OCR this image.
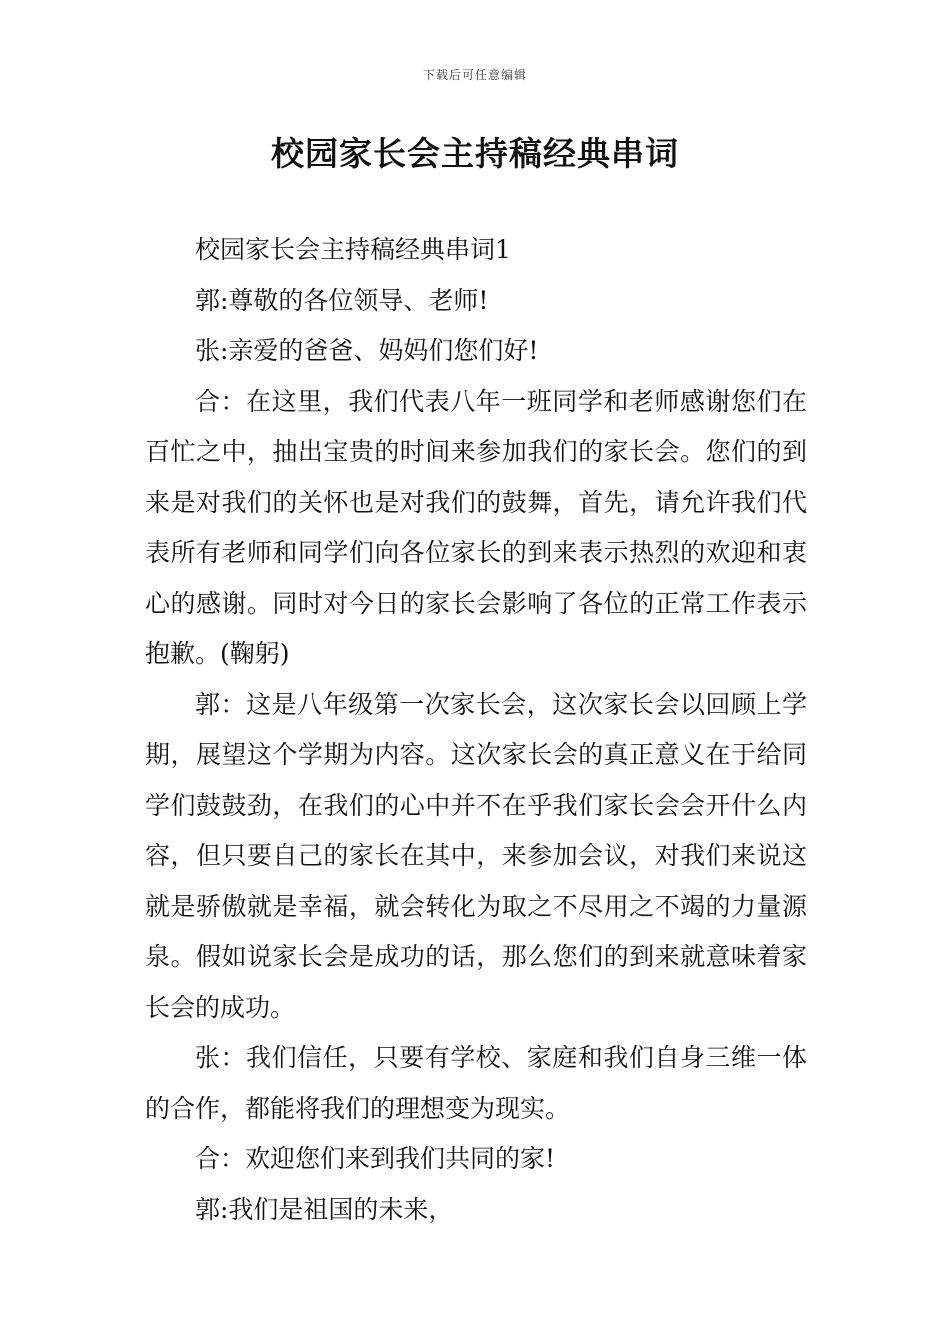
下载后可任意编辑
校园家长会主持稿经典串词

校园家长会主持稿经典串词1

郭:尊敬的各位领导、老师!

张:亲爱的爸爸、妈妈们您们好!

合：在这里，我们代表八年一班同学和老师感谢您们在百忙之中，抽出宝贵的时间来参加我们的家长会。您们的到来是对我们的关怀也是对我们的鼓舞，首先，请允许我们代表所有老师和同学们向各位家长的到来表示热烈的欢迎和衷心的感谢。同时对今日的家长会影响了各位的正常工作表示抱歉。(鞠躬)

郭：这是八年级第一次家长会，这次家长会以回顾上学期，展望这个学期为内容。这次家长会的真正意义在于给同学们鼓鼓劲，在我们的心中并不在乎我们家长会会开什么内容，但只要自己的家长在其中，来参加会议，对我们来说这就是骄傲就是幸福，就会转化为取之不尽用之不竭的力量源泉。假如说家长会是成功的话，那么您们的到来就意味着家长会的成功。

张：我们信任，只要有学校、家庭和我们自身三维一体的合作，都能将我们的理想变为现实。

合：欢迎您们来到我们共同的家!

郭:我们是祖国的未来，
